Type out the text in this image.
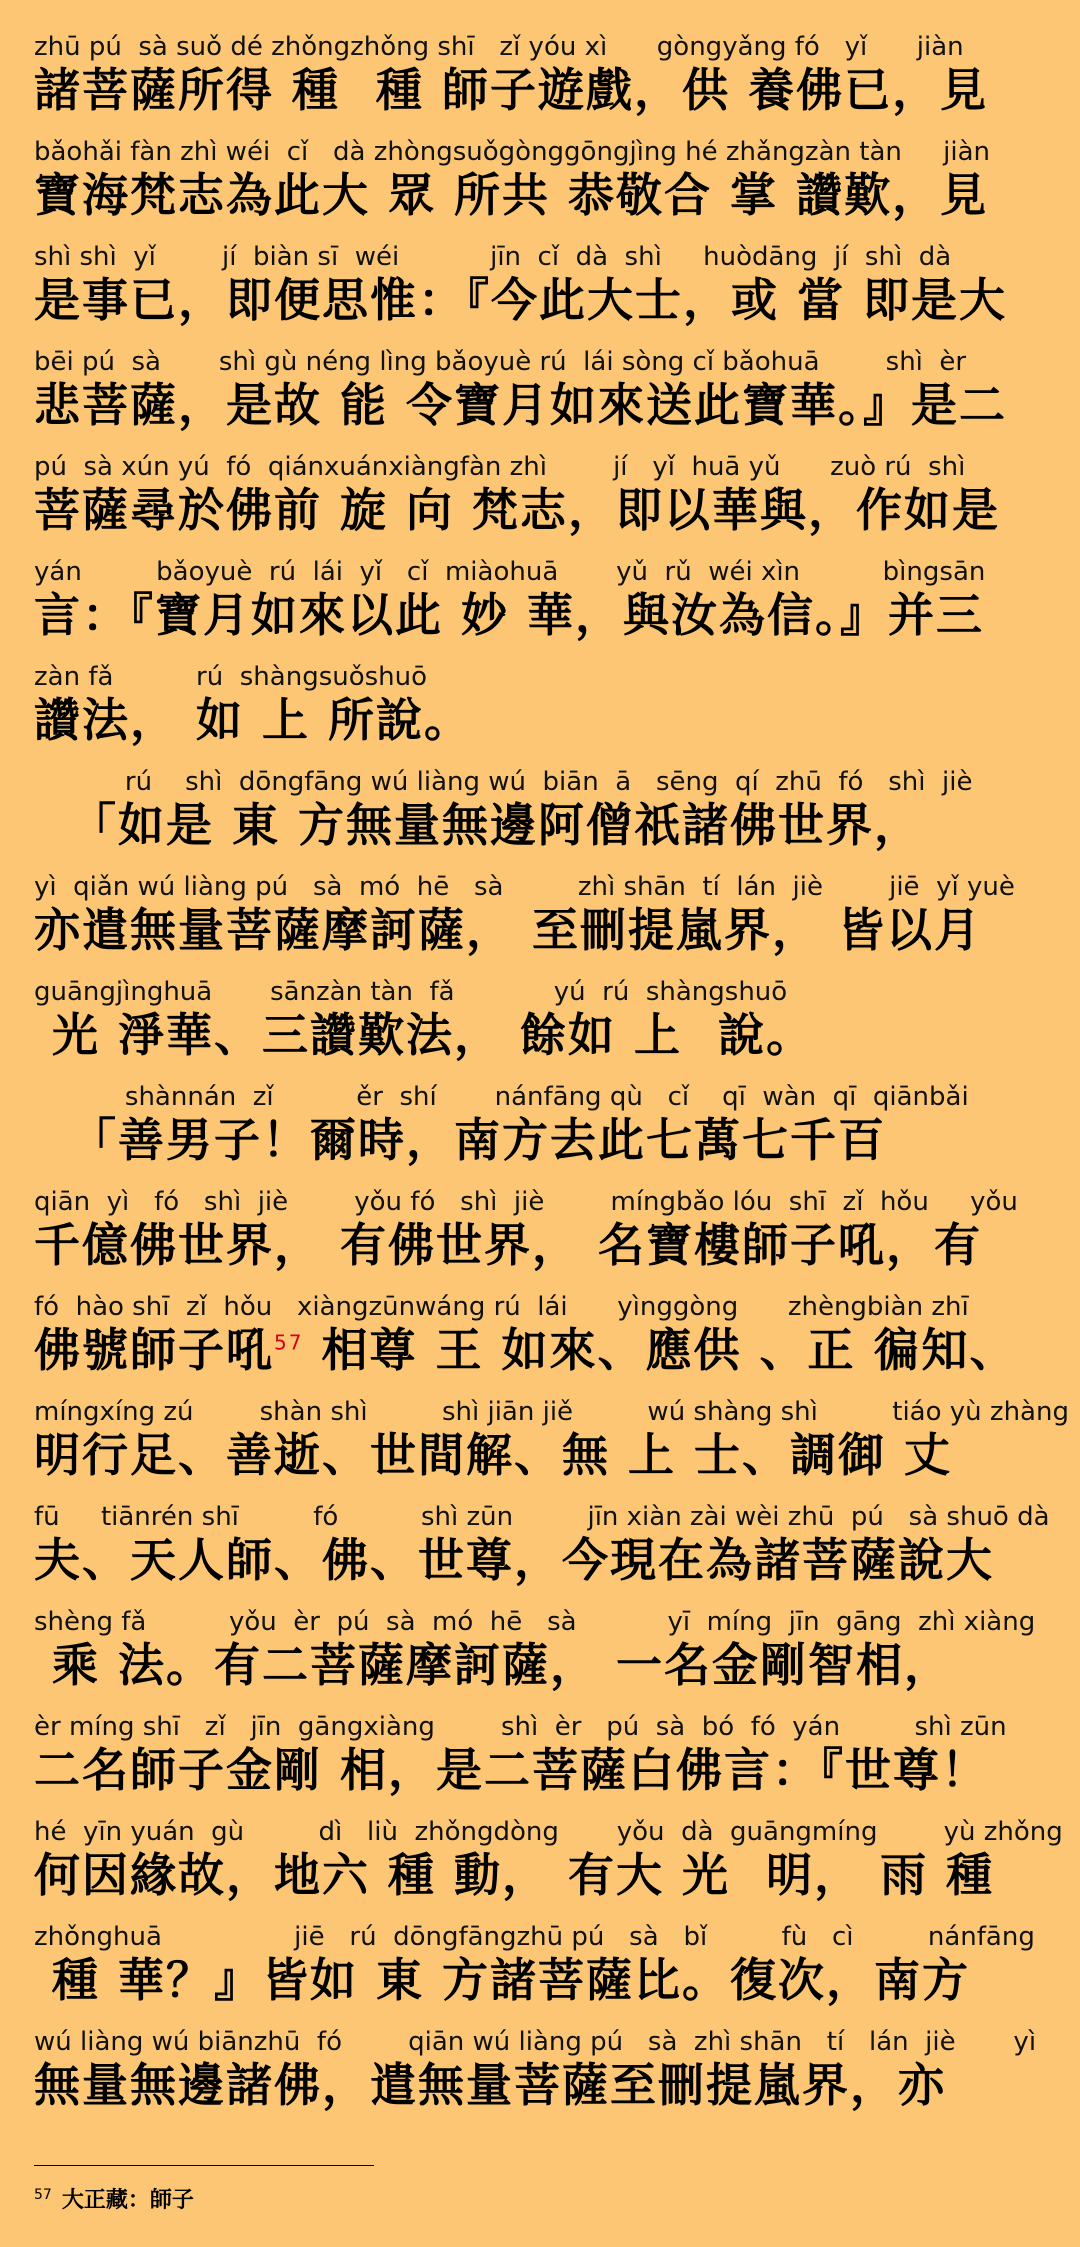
zhū pú  sà suǒ dé zhǒngzhǒng shī   zǐ yóu xì      gòngyǎng fó   yǐ      jiàn
諸菩薩所得 種  種 師子遊戲，供 養佛已，見
bǎohǎi fàn zhì wéi  cǐ   dà zhòngsuǒgònggōngjìng hé zhǎngzàn tàn     jiàn
寶海梵志為此大 眾 所共 恭敬合 掌 讚歎，見
shì shì  yǐ        jí  biàn sī  wéi           jīn  cǐ  dà  shì     huòdāng  jí  shì  dà
是事已，即便思惟：『今此大士，或 當 即是大
bēi pú  sà       shì gù néng lìng bǎoyuè rú  lái sòng cǐ bǎohuā        shì  èr
悲菩薩，是故 能 令寶月如來送此寶華。』是二
pú  sà xún yú  fó  qiánxuánxiàngfàn zhì        jí   yǐ  huā yǔ      zuò rú  shì
菩薩尋於佛前 旋 向 梵志，即以華與，作如是
yán         bǎoyuè  rú  lái  yǐ   cǐ  miàohuā       yǔ  rǔ  wéi xìn          bìngsān
言：『寶月如來以此 妙 華，與汝為信。』并三
zàn fǎ          rú  shàngsuǒshuō
讚法， 如 上 所說。
rú    shì  dōngfāng wú liàng wú  biān  ā   sēng  qí  zhū  fó   shì  jiè
「如是 東 方無量無邊阿僧祇諸佛世界，
yì  qiǎn wú liàng pú   sà  mó  hē   sà         zhì shān  tí  lán  jiè        jiē  yǐ yuè
亦遣無量菩薩摩訶薩， 至刪提嵐界， 皆以月
guāngjìnghuā       sānzàn tàn  fǎ            yú  rú  shàngshuō
光 淨華、三讚歎法， 餘如 上  說。
shànnán  zǐ          ěr  shí       nánfāng qù   cǐ    qī  wàn  qī  qiānbǎi
「善男子！爾時，南方去此七萬七千百
qiān  yì   fó   shì  jiè        yǒu fó   shì  jiè        míngbǎo lóu  shī  zǐ  hǒu     yǒu
千億佛世界， 有佛世界， 名寶樓師子吼，有
fó  hào shī  zǐ  hǒu   xiàngzūnwáng rú  lái      yìnggòng      zhèngbiàn zhī
佛號師子吼$^{57}$ 相尊 王 如來、應供 、正 徧知、
míngxíng zú        shàn shì         shì jiān jiě         wú shàng shì         tiáo yù zhàng
明行足、善逝、世間解、無 上 士、調御 丈
fū     tiānrén shī         fó          shì zūn         jīn xiàn zài wèi zhū  pú   sà shuō dà
夫、天人師、佛、世尊，今現在為諸菩薩說大
shèng fǎ          yǒu  èr  pú  sà  mó  hē   sà           yī  míng  jīn  gāng  zhì xiàng
乘 法。有二菩薩摩訶薩， 一名金剛智相，
èr míng shī   zǐ   jīn  gāngxiàng        shì  èr   pú  sà  bó  fó  yán         shì zūn
二名師子金剛 相，是二菩薩白佛言：『世尊！
hé  yīn yuán  gù         dì   liù  zhǒngdòng       yǒu  dà  guāngmíng        yù zhǒng
何因緣故，地六 種 動， 有大 光  明， 雨 種
zhǒnghuā                jiē   rú  dōngfāngzhū pú   sà   bǐ         fù   cì         nánfāng
種 華？』皆如 東 方諸菩薩比。復次，南方
wú liàng wú biānzhū  fó        qiān wú liàng pú   sà  zhì shān   tí   lán  jiè       yì
無量無邊諸佛，遣無量菩薩至刪提嵐界，亦
$^{57}$ 大正藏：師子
